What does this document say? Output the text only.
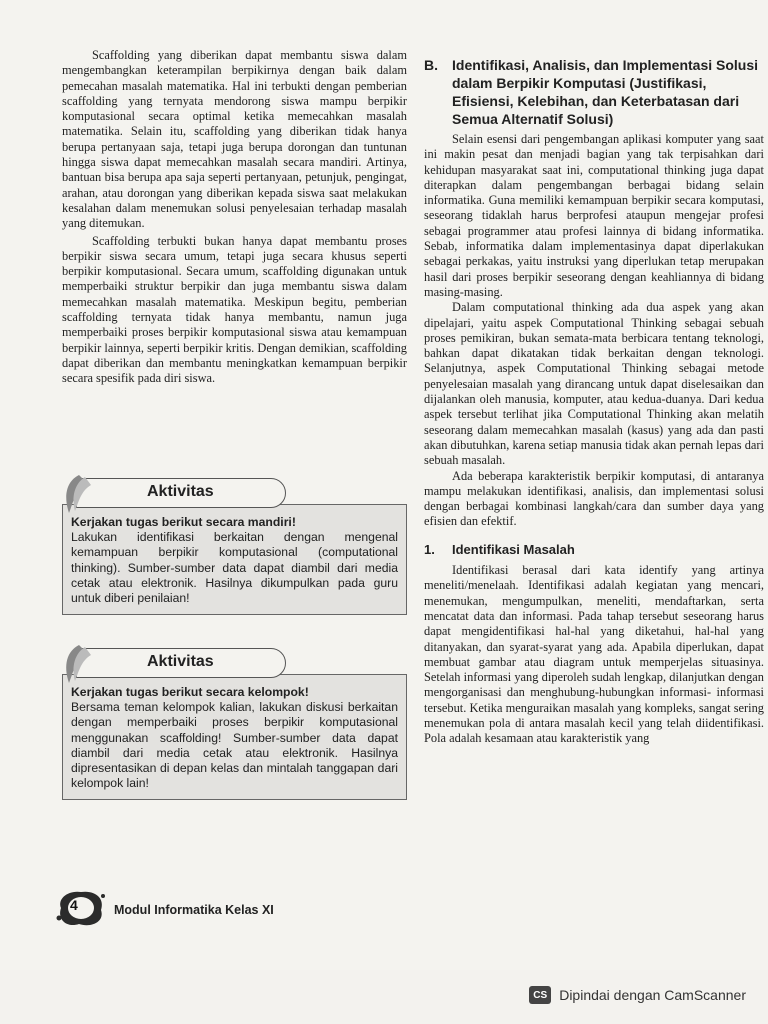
Scaffolding yang diberikan dapat membantu siswa dalam mengembangkan keterampilan berpikirnya dengan baik dalam pemecahan masalah matematika. Hal ini terbukti dengan pemberian scaffolding yang ternyata mendorong siswa mampu berpikir komputasional secara optimal ketika memecahkan masalah matematika. Selain itu, scaffolding yang diberikan tidak hanya berupa pertanyaan saja, tetapi juga berupa dorongan dan tuntunan hingga siswa dapat memecahkan masalah secara mandiri. Artinya, bantuan bisa berupa apa saja seperti pertanyaan, petunjuk, pengingat, arahan, atau dorongan yang diberikan kepada siswa saat melakukan kesalahan dalam menemukan solusi penyelesaian terhadap masalah yang ditemukan.

Scaffolding terbukti bukan hanya dapat membantu proses berpikir siswa secara umum, tetapi juga secara khusus seperti berpikir komputasional. Secara umum, scaffolding digunakan untuk memperbaiki struktur berpikir dan juga membantu siswa dalam memecahkan masalah matematika. Meskipun begitu, pemberian scaffolding ternyata tidak hanya membantu, namun juga memperbaiki proses berpikir komputasional siswa atau kemampuan berpikir lainnya, seperti berpikir kritis. Dengan demikian, scaffolding dapat diberikan dan membantu meningkatkan kemampuan berpikir secara spesifik pada diri siswa.

Aktivitas
Kerjakan tugas berikut secara mandiri!
Lakukan identifikasi berkaitan dengan mengenal kemampuan berpikir komputasional (computational thinking). Sumber-sumber data dapat diambil dari media cetak atau elektronik. Hasilnya dikumpulkan pada guru untuk diberi penilaian!
Aktivitas
Kerjakan tugas berikut secara kelompok!
Bersama teman kelompok kalian, lakukan diskusi berkaitan dengan memperbaiki proses berpikir komputasional menggunakan scaffolding! Sumber-sumber data dapat diambil dari media cetak atau elektronik. Hasilnya dipresentasikan di depan kelas dan mintalah tanggapan dari kelompok lain!
B.	Identifikasi, Analisis, dan Implementasi Solusi dalam Berpikir Komputasi (Justifikasi, Efisiensi, Kelebihan, dan Keterbatasan dari Semua Alternatif Solusi)

Selain esensi dari pengembangan aplikasi komputer yang saat ini makin pesat dan menjadi bagian yang tak terpisahkan dari kehidupan masyarakat saat ini, computational thinking juga dapat diterapkan dalam pengembangan berbagai bidang selain informatika. Guna memiliki kemampuan berpikir secara komputasi, seseorang tidaklah harus berprofesi ataupun mengejar profesi sebagai programmer atau profesi lainnya di bidang informatika. Sebab, informatika dalam implementasinya dapat diperlakukan sebagai perkakas, yaitu instruksi yang diperlukan tetap merupakan hasil dari proses berpikir seseorang dengan keahliannya di bidang masing-masing.

Dalam computational thinking ada dua aspek yang akan dipelajari, yaitu aspek Computational Thinking sebagai sebuah proses pemikiran, bukan semata-mata berbicara tentang teknologi, bahkan dapat dikatakan tidak berkaitan dengan teknologi. Selanjutnya, aspek Computational Thinking sebagai metode penyelesaian masalah yang dirancang untuk dapat diselesaikan dan dijalankan oleh manusia, komputer, atau kedua-duanya. Dari kedua aspek tersebut terlihat jika Computational Thinking akan melatih seseorang dalam memecahkan masalah (kasus) yang ada dan pasti akan dibutuhkan, karena setiap manusia tidak akan pernah lepas dari sebuah masalah.

Ada beberapa karakteristik berpikir komputasi, di antaranya mampu melakukan identifikasi, analisis, dan implementasi solusi dengan berbagai kombinasi langkah/cara dan sumber daya yang efisien dan efektif.

1.	Identifikasi Masalah

Identifikasi berasal dari kata identify yang artinya meneliti/menelaah. Identifikasi adalah kegiatan yang mencari, menemukan, mengumpulkan, meneliti, mendaftarkan, serta mencatat data dan informasi. Pada tahap tersebut seseorang harus dapat mengidentifikasi hal-hal yang diketahui, hal-hal yang ditanyakan, dan syarat-syarat yang ada. Apabila diperlukan, dapat membuat gambar atau diagram untuk memperjelas situasinya. Setelah informasi yang diperoleh sudah lengkap, dilanjutkan dengan mengorganisasi dan menghubung-hubungkan informasi- informasi tersebut. Ketika menguraikan masalah yang kompleks, sangat sering menemukan pola di antara masalah kecil yang telah diidentifikasi. Pola adalah kesamaan atau karakteristik yang

4	Modul Informatika Kelas XI
CS Dipindai dengan CamScanner
